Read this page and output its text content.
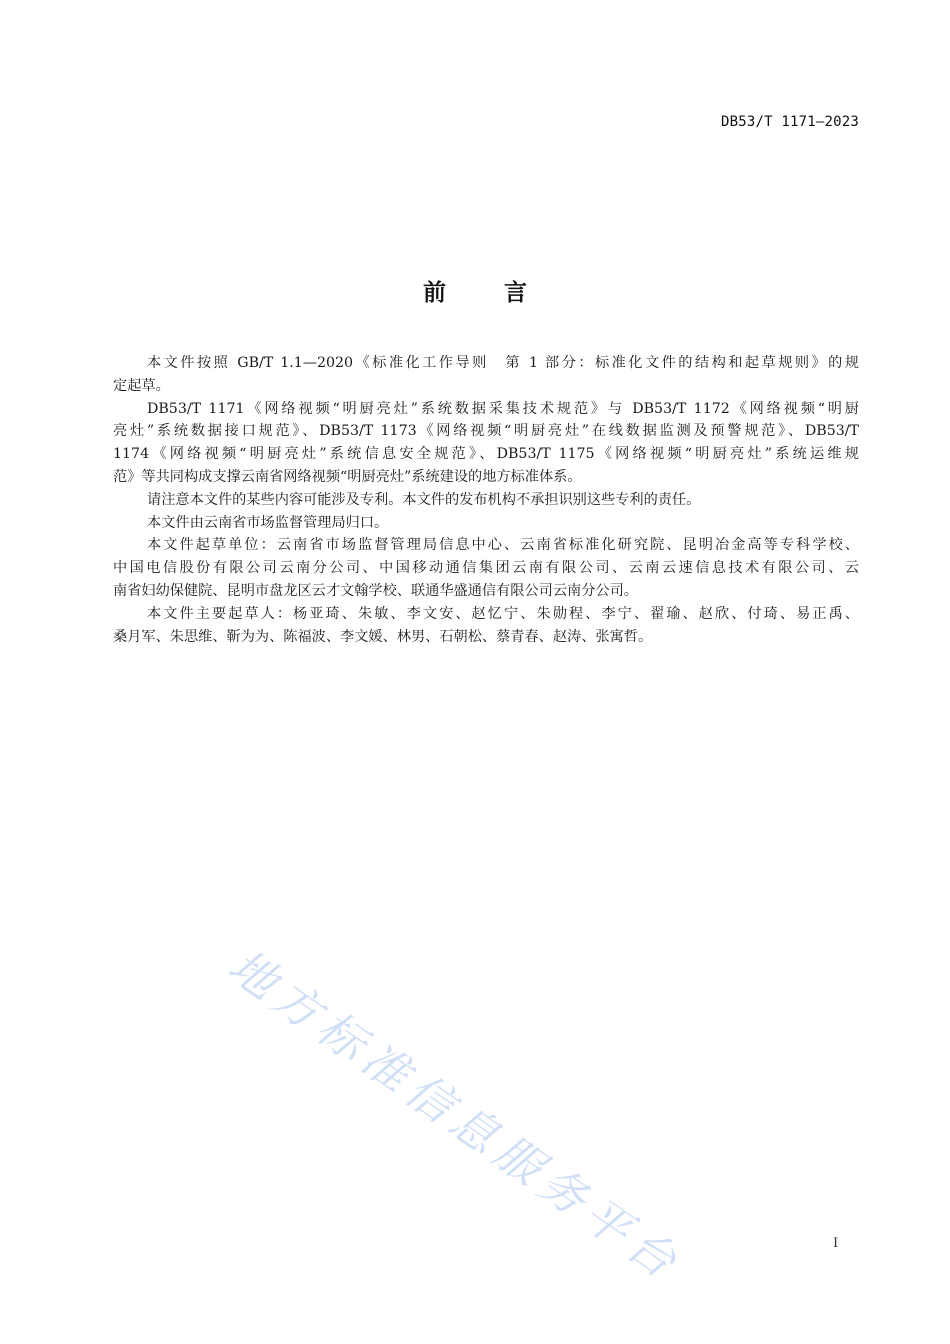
DB53/T 1171—2023
前	言
本文件按照 GB/T 1.1—2020《标准化工作导则　第 1 部分：标准化文件的结构和起草规则》的规
定起草。
DB53/T 1171《网络视频“明厨亮灶”系统数据采集技术规范》与 DB53/T 1172《网络视频“明厨
亮灶”系统数据接口规范》、DB53/T 1173《网络视频“明厨亮灶”在线数据监测及预警规范》、DB53/T
1174《网络视频“明厨亮灶”系统信息安全规范》、DB53/T 1175《网络视频“明厨亮灶”系统运维规
范》等共同构成支撑云南省网络视频“明厨亮灶”系统建设的地方标准体系。
请注意本文件的某些内容可能涉及专利。本文件的发布机构不承担识别这些专利的责任。
本文件由云南省市场监督管理局归口。
本文件起草单位：云南省市场监督管理局信息中心、云南省标准化研究院、昆明冶金高等专科学校、
中国电信股份有限公司云南分公司、中国移动通信集团云南有限公司、云南云速信息技术有限公司、云
南省妇幼保健院、昆明市盘龙区云才文翰学校、联通华盛通信有限公司云南分公司。
本文件主要起草人：杨亚琦、朱敏、李文安、赵忆宁、朱勋程、李宁、翟瑜、赵欣、付琦、易正禹、
桑月军、朱思维、靳为为、陈福波、李文媛、林男、石朝松、蔡青春、赵涛、张寓哲。
地方标准信息服务平台	I
